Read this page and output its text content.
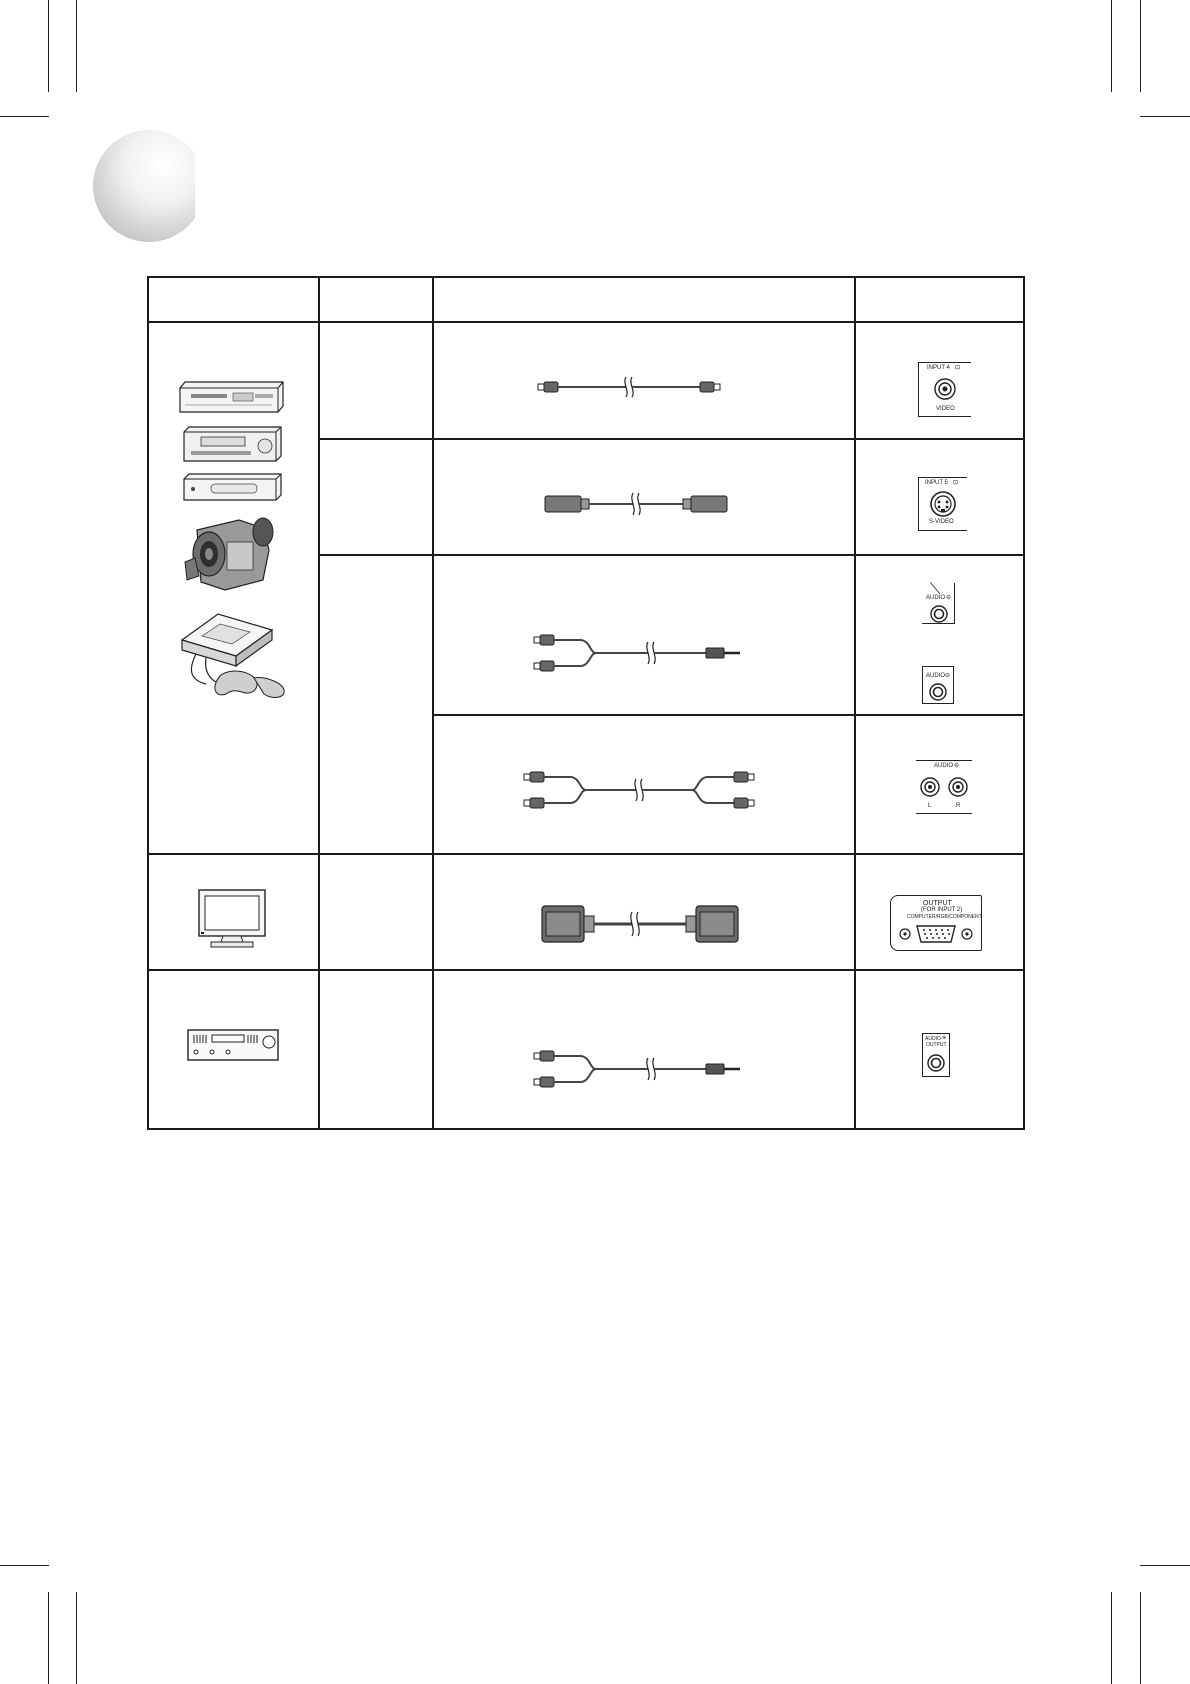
INPUT 4 ⊡
VIDEO
INPUT 5 ⊡
S-VIDEO
AUDIO ⊖
AUDIO ⊖
AUDIO ⊖
L	R
OUTPUT
(FOR INPUT 2)
COMPUTER/RGB/COMPONENT
AUDIO ⊕
OUTPUT
